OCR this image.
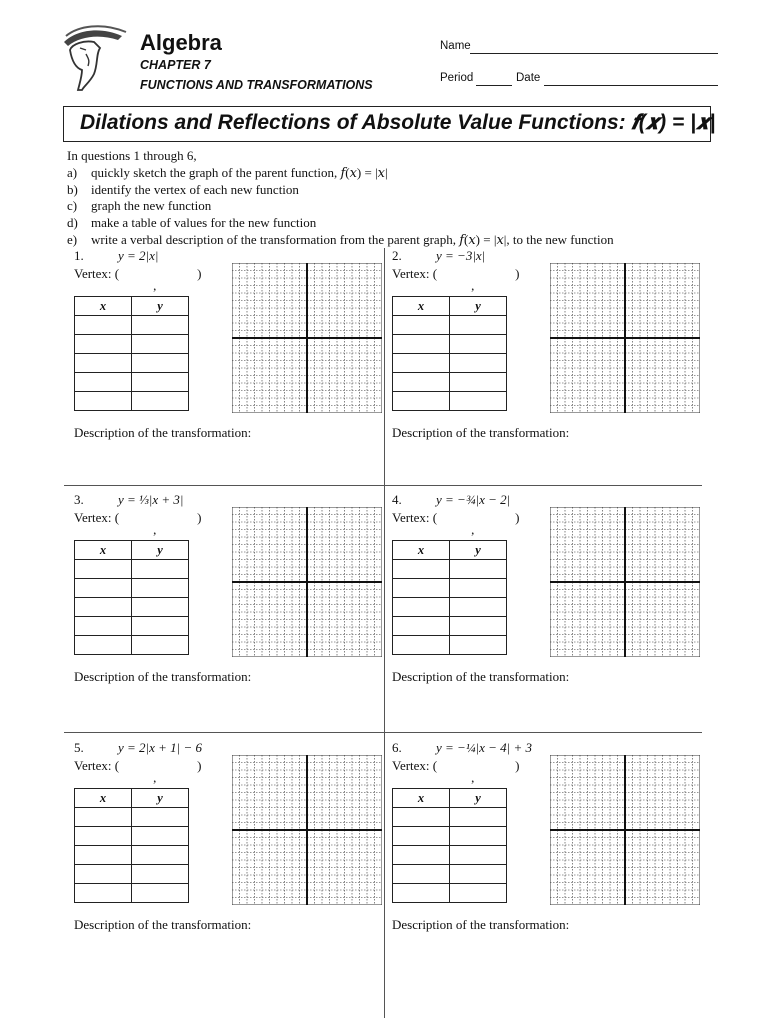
Algebra
CHAPTER 7
FUNCTIONS AND TRANSFORMATIONS
Name
Period	Date
Dilations and Reflections of Absolute Value Functions: 𝒇(𝒙) = |𝒙|
In questions 1 through 6,
a) quickly sketch the graph of the parent function, 𝑓(𝑥) = |𝑥|
b) identify the vertex of each new function
c) graph the new function
d) make a table of values for the new function
e) write a verbal description of the transformation from the parent graph, 𝑓(𝑥) = |𝑥|, to the new function
1.	y = 2|x|
Vertex: (
,
)
x	y

Description of the transformation:
2.	y = −3|x|
Vertex: (
,
)
x	y

Description of the transformation:
3.	y = ⅓|x + 3|
Vertex: (
,
)
x	y

Description of the transformation:
4.	y = −¾|x − 2|
Vertex: (
,
)
x	y

Description of the transformation:
5.	y = 2|x + 1| − 6
Vertex: (
,
)
x	y

Description of the transformation:
6.	y = −¼|x − 4| + 3
Vertex: (
,
)
x	y

Description of the transformation:
